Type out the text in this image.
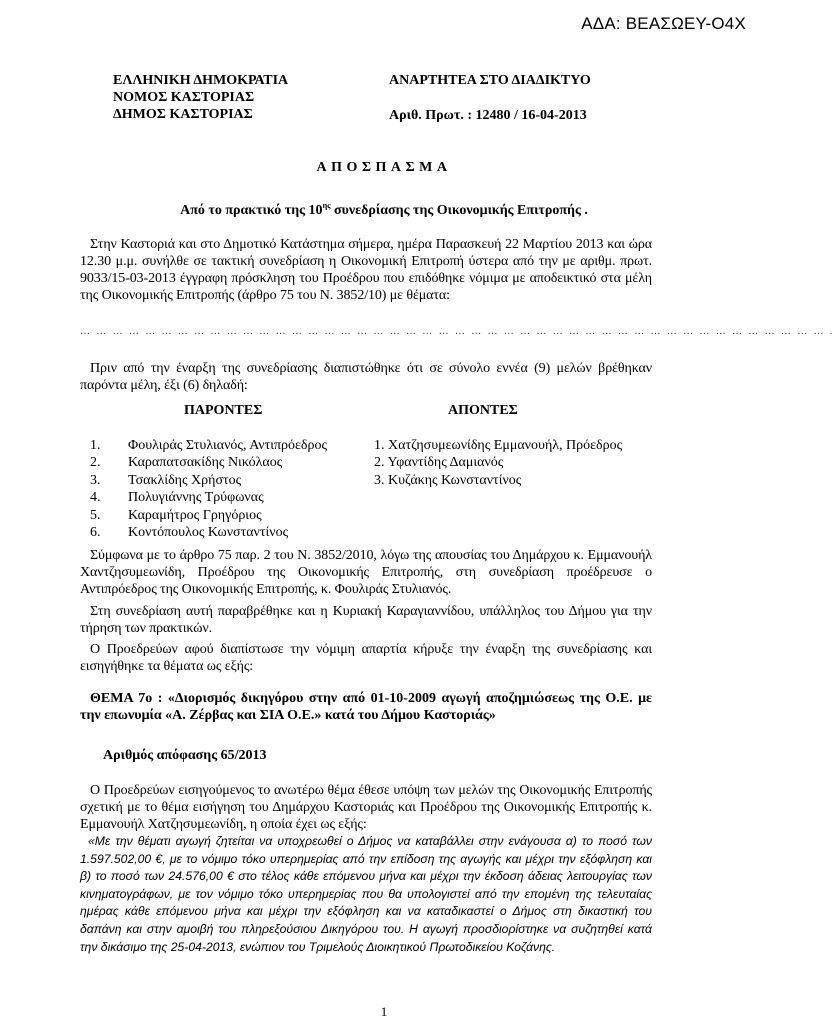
ΑΔΑ: ΒΕΑΣΩΕΥ-Ο4Χ
ΕΛΛΗΝΙΚΗ ΔΗΜΟΚΡΑΤΙΑ
ΝΟΜΟΣ ΚΑΣΤΟΡΙΑΣ
ΔΗΜΟΣ ΚΑΣΤΟΡΙΑΣ
ΑΝΑΡΤΗΤΕΑ ΣΤΟ ΔΙΑΔΙΚΤΥΟ
Αριθ. Πρωτ. : 12480 / 16-04-2013
ΑΠΟΣΠΑΣΜΑ
Από το πρακτικό της $10^{\eta\varsigma}$ συνεδρίασης της Οικονομικής Επιτροπής .
Στην Καστοριά και στο Δημοτικό Κατάστημα σήμερα, ημέρα Παρασκευή 22 Μαρτίου 2013 και ώρα 12.30 μ.μ. συνήλθε σε τακτική συνεδρίαση η Οικονομική Επιτροπή ύστερα από την με αριθμ. πρωτ. 9033/15-03-2013 έγγραφη πρόσκληση του Προέδρου που επιδόθηκε νόμιμα με αποδεικτικό στα μέλη της Οικονομικής Επιτροπής (άρθρο 75 του Ν. 3852/10) με θέματα:
… … … … … … … … … … … … … … … … … … … … … … … … … … … … … … … … … … … … … … … … … … … … … … .
Πριν από την έναρξη της συνεδρίασης διαπιστώθηκε ότι σε σύνολο εννέα (9) μελών βρέθηκαν παρόντα μέλη, έξι (6) δηλαδή:
ΠΑΡΟΝΤΕΣ	ΑΠΟΝΤΕΣ
1. Φουλιράς Στυλιανός, Αντιπρόεδρος
2. Καραπατσακίδης Νικόλαος
3. Τσακλίδης Χρήστος
4. Πολυγιάννης Τρύφωνας
5. Καραμήτρος Γρηγόριος
6. Κοντόπουλος Κωνσταντίνος
1. Χατζησυμεωνίδης Εμμανουήλ, Πρόεδρος
2. Υφαντίδης Δαμιανός
3. Κυζάκης Κωνσταντίνος
Σύμφωνα με το άρθρο 75 παρ. 2 του Ν. 3852/2010, λόγω της απουσίας του Δημάρχου κ. Εμμανουήλ Χαντζησυμεωνίδη, Προέδρου της Οικονομικής Επιτροπής, στη συνεδρίαση προέδρευσε ο Αντιπρόεδρος της Οικονομικής Επιτροπής, κ. Φουλιράς Στυλιανός.
Στη συνεδρίαση αυτή παραβρέθηκε και η Κυριακή Καραγιαννίδου, υπάλληλος του Δήμου για την τήρηση των πρακτικών.
Ο Προεδρεύων αφού διαπίστωσε την νόμιμη απαρτία κήρυξε την έναρξη της συνεδρίασης και εισηγήθηκε τα θέματα ως εξής:
ΘΕΜΑ 7ο : «Διορισμός δικηγόρου στην από 01-10-2009 αγωγή αποζημιώσεως της Ο.Ε. με την επωνυμία «Α. Ζέρβας και ΣΙΑ Ο.Ε.» κατά του Δήμου Καστοριάς»
Αριθμός απόφασης 65/2013
Ο Προεδρεύων εισηγούμενος το ανωτέρω θέμα έθεσε υπόψη των μελών της Οικονομικής Επιτροπής σχετική με το θέμα εισήγηση του Δημάρχου Καστοριάς και Προέδρου της Οικονομικής Επιτροπής κ. Εμμανουήλ Χατζησυμεωνίδη, η οποία έχει ως εξής:
«Με την θέματι αγωγή ζητείται να υποχρεωθεί ο Δήμος να καταβάλλει στην ενάγουσα α) το ποσό των 1.597.502,00 €, με το νόμιμο τόκο υπερημερίας από την επίδοση της αγωγής και μέχρι την εξόφληση και β) το ποσό των 24.576,00 € στο τέλος κάθε επόμενου μήνα και μέχρι την έκδοση άδειας λειτουργίας των κινηματογράφων, με τον νόμιμο τόκο υπερημερίας που θα υπολογιστεί από την επομένη της τελευταίας ημέρας κάθε επόμενου μήνα και μέχρι την εξόφληση και να καταδικαστεί ο Δήμος στη δικαστική του δαπάνη και στην αμοιβή του πληρεξούσιου Δικηγόρου του. Η αγωγή προσδιορίστηκε να συζητηθεί κατά την δικάσιμο της 25-04-2013, ενώπιον του Τριμελούς Διοικητικού Πρωτοδικείου Κοζάνης.
1
